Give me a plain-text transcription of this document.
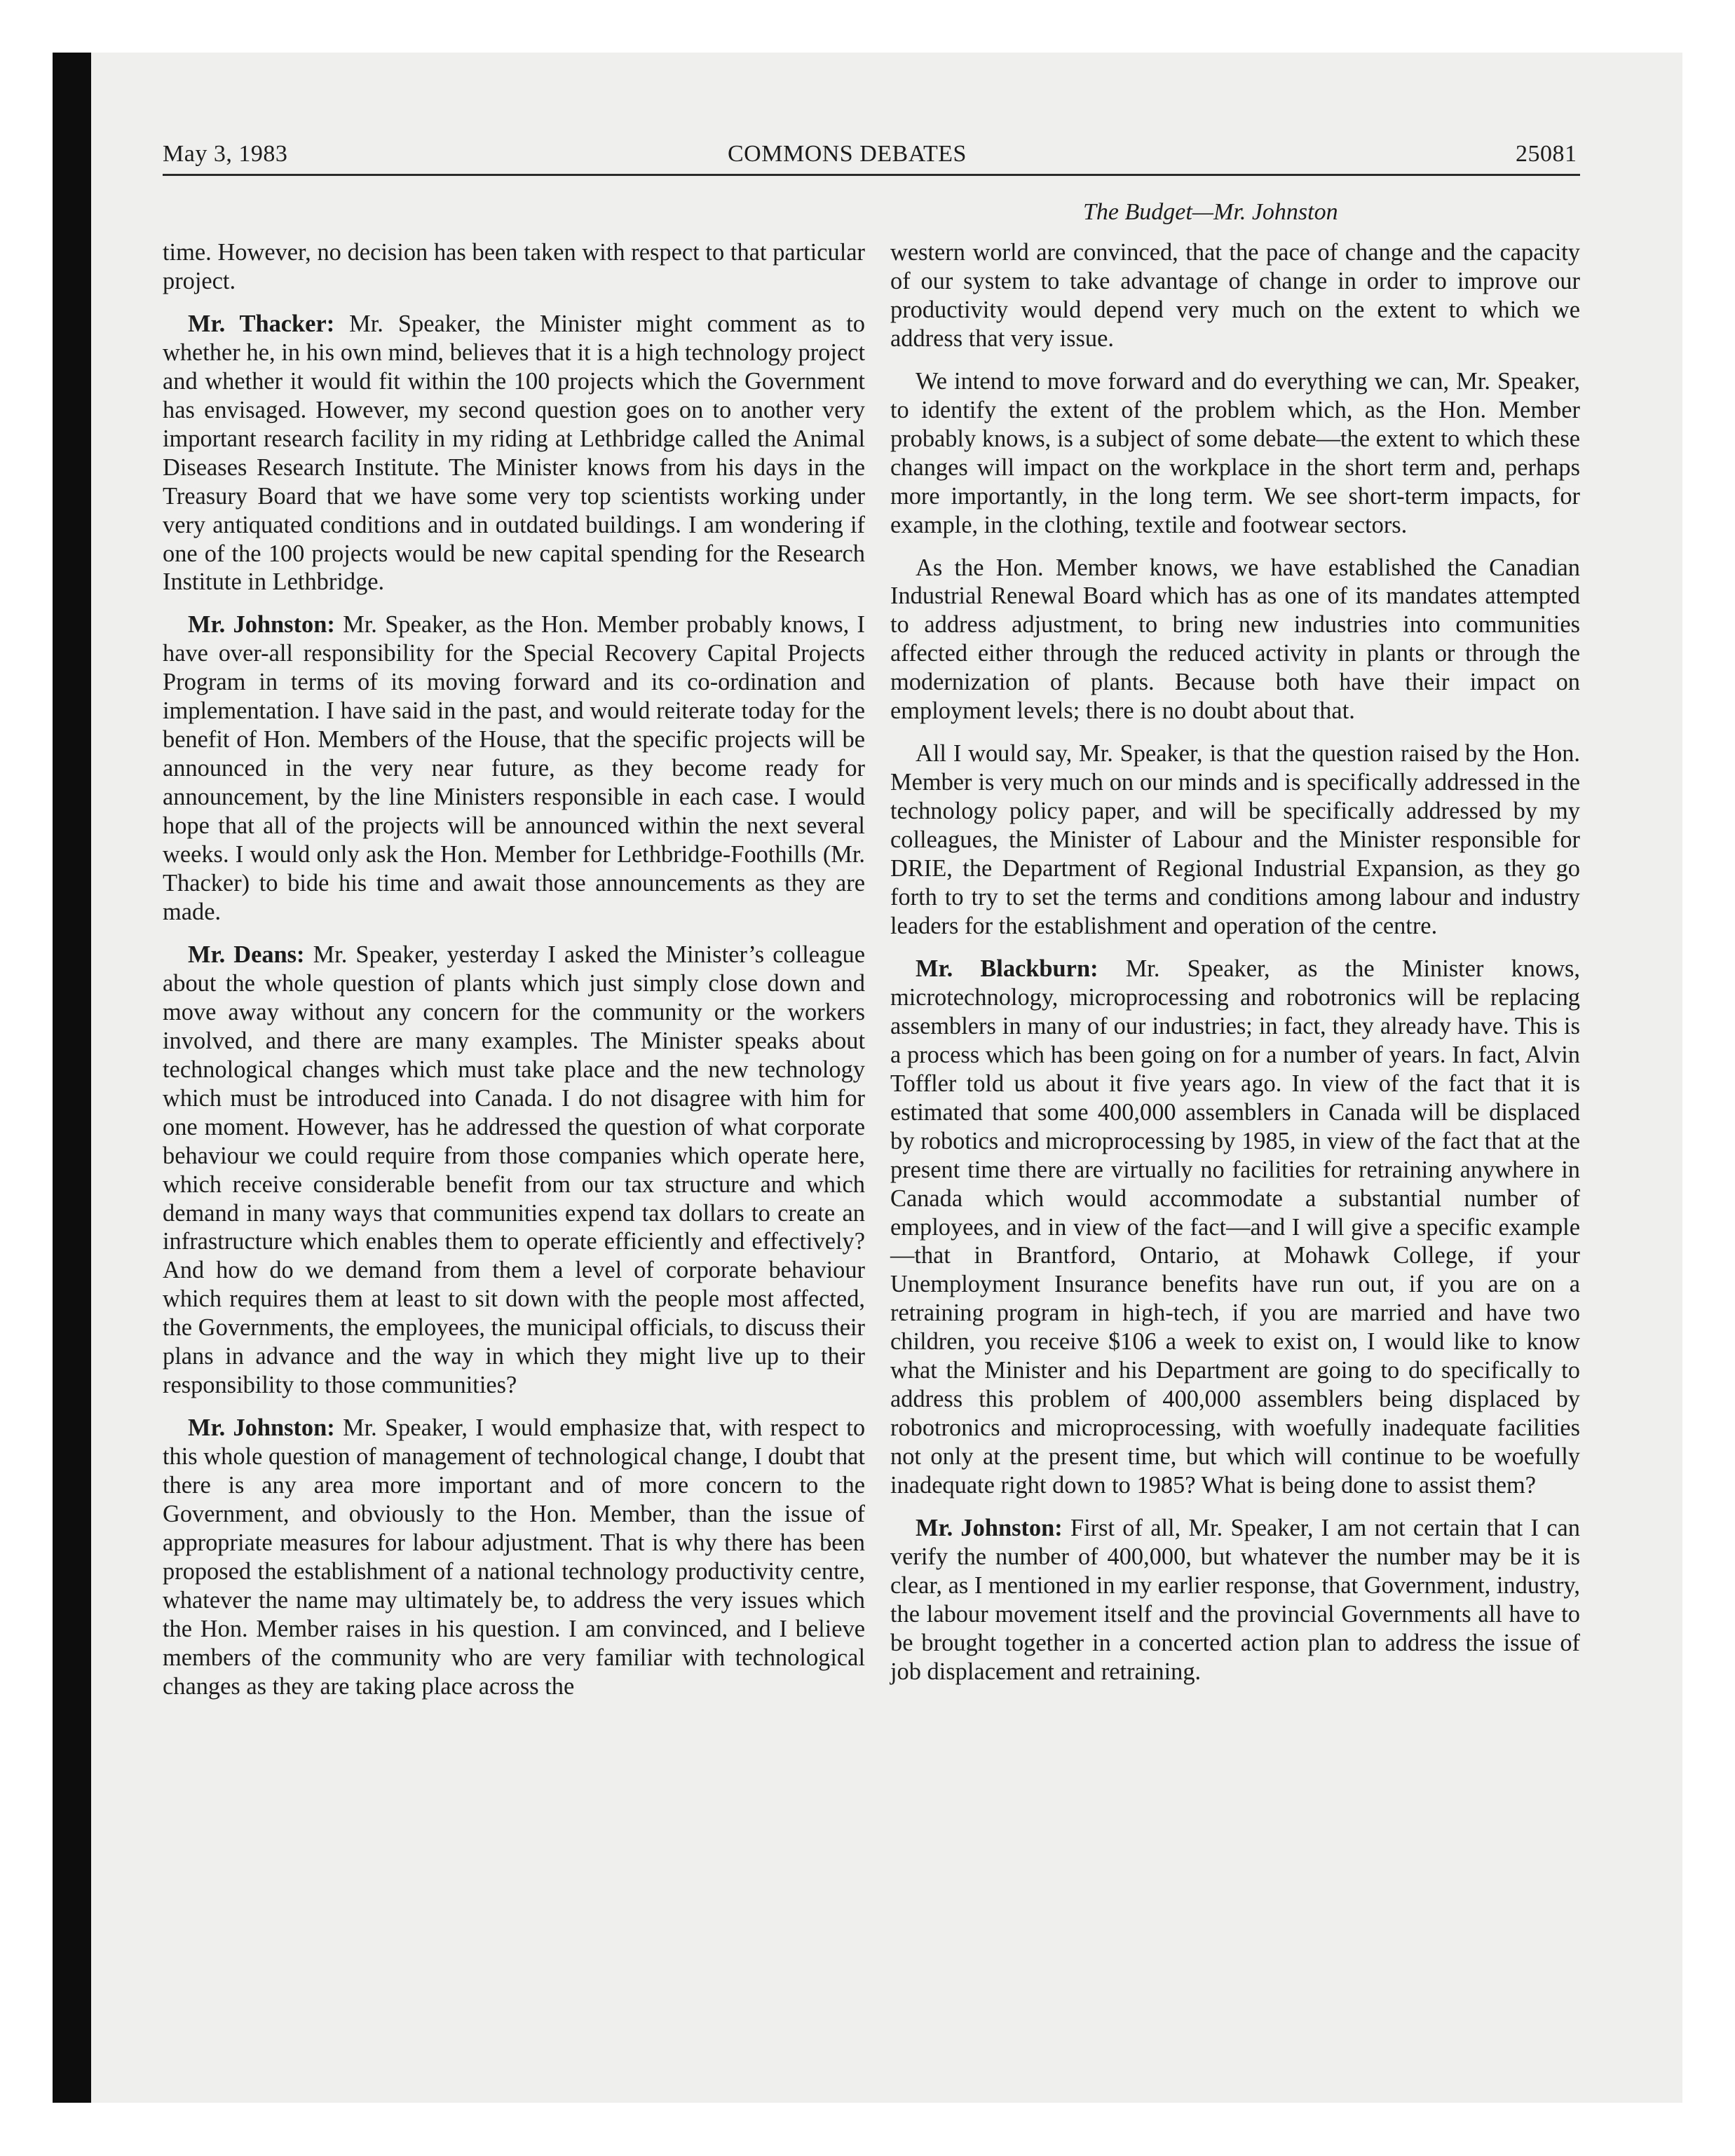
May 3, 1983	COMMONS DEBATES	25081
The Budget—Mr. Johnston

time. However, no decision has been taken with respect to that particular project.

Mr. Thacker: Mr. Speaker, the Minister might comment as to whether he, in his own mind, believes that it is a high technology project and whether it would fit within the 100 projects which the Government has envisaged. However, my second question goes on to another very important research facility in my riding at Lethbridge called the Animal Diseases Research Institute. The Minister knows from his days in the Treasury Board that we have some very top scientists working under very antiquated conditions and in outdated buildings. I am wondering if one of the 100 projects would be new capital spending for the Research Institute in Lethbridge.

Mr. Johnston: Mr. Speaker, as the Hon. Member probably knows, I have over-all responsibility for the Special Recovery Capital Projects Program in terms of its moving forward and its co-ordination and implementation. I have said in the past, and would reiterate today for the benefit of Hon. Members of the House, that the specific projects will be announced in the very near future, as they become ready for announcement, by the line Ministers responsible in each case. I would hope that all of the projects will be announced within the next several weeks. I would only ask the Hon. Member for Lethbridge-Foothills (Mr. Thacker) to bide his time and await those announcements as they are made.

Mr. Deans: Mr. Speaker, yesterday I asked the Minister’s colleague about the whole question of plants which just simply close down and move away without any concern for the community or the workers involved, and there are many examples. The Minister speaks about technological changes which must take place and the new technology which must be introduced into Canada. I do not disagree with him for one moment. However, has he addressed the question of what corporate behaviour we could require from those companies which operate here, which receive considerable benefit from our tax structure and which demand in many ways that communities expend tax dollars to create an infrastructure which enables them to operate efficiently and effectively? And how do we demand from them a level of corporate behaviour which requires them at least to sit down with the people most affected, the Governments, the employees, the municipal officials, to discuss their plans in advance and the way in which they might live up to their responsibility to those communities?

Mr. Johnston: Mr. Speaker, I would emphasize that, with respect to this whole question of management of technological change, I doubt that there is any area more important and of more concern to the Government, and obviously to the Hon. Member, than the issue of appropriate measures for labour adjustment. That is why there has been proposed the establishment of a national technology productivity centre, whatever the name may ultimately be, to address the very issues which the Hon. Member raises in his question. I am convinced, and I believe members of the community who are very familiar with technological changes as they are taking place across the

western world are convinced, that the pace of change and the capacity of our system to take advantage of change in order to improve our productivity would depend very much on the extent to which we address that very issue.

We intend to move forward and do everything we can, Mr. Speaker, to identify the extent of the problem which, as the Hon. Member probably knows, is a subject of some debate—the extent to which these changes will impact on the workplace in the short term and, perhaps more importantly, in the long term. We see short-term impacts, for example, in the clothing, textile and footwear sectors.

As the Hon. Member knows, we have established the Canadian Industrial Renewal Board which has as one of its mandates attempted to address adjustment, to bring new industries into communities affected either through the reduced activity in plants or through the modernization of plants. Because both have their impact on employment levels; there is no doubt about that.

All I would say, Mr. Speaker, is that the question raised by the Hon. Member is very much on our minds and is specifically addressed in the technology policy paper, and will be specifically addressed by my colleagues, the Minister of Labour and the Minister responsible for DRIE, the Department of Regional Industrial Expansion, as they go forth to try to set the terms and conditions among labour and industry leaders for the establishment and operation of the centre.

Mr. Blackburn: Mr. Speaker, as the Minister knows, microtechnology, microprocessing and robotronics will be replacing assemblers in many of our industries; in fact, they already have. This is a process which has been going on for a number of years. In fact, Alvin Toffler told us about it five years ago. In view of the fact that it is estimated that some 400,000 assemblers in Canada will be displaced by robotics and microprocessing by 1985, in view of the fact that at the present time there are virtually no facilities for retraining anywhere in Canada which would accommodate a substantial number of employees, and in view of the fact—and I will give a specific example—that in Brantford, Ontario, at Mohawk College, if your Unemployment Insurance benefits have run out, if you are on a retraining program in high-tech, if you are married and have two children, you receive $106 a week to exist on, I would like to know what the Minister and his Department are going to do specifically to address this problem of 400,000 assemblers being displaced by robotronics and microprocessing, with woefully inadequate facilities not only at the present time, but which will continue to be woefully inadequate right down to 1985? What is being done to assist them?

Mr. Johnston: First of all, Mr. Speaker, I am not certain that I can verify the number of 400,000, but whatever the number may be it is clear, as I mentioned in my earlier response, that Government, industry, the labour movement itself and the provincial Governments all have to be brought together in a concerted action plan to address the issue of job displacement and retraining.
